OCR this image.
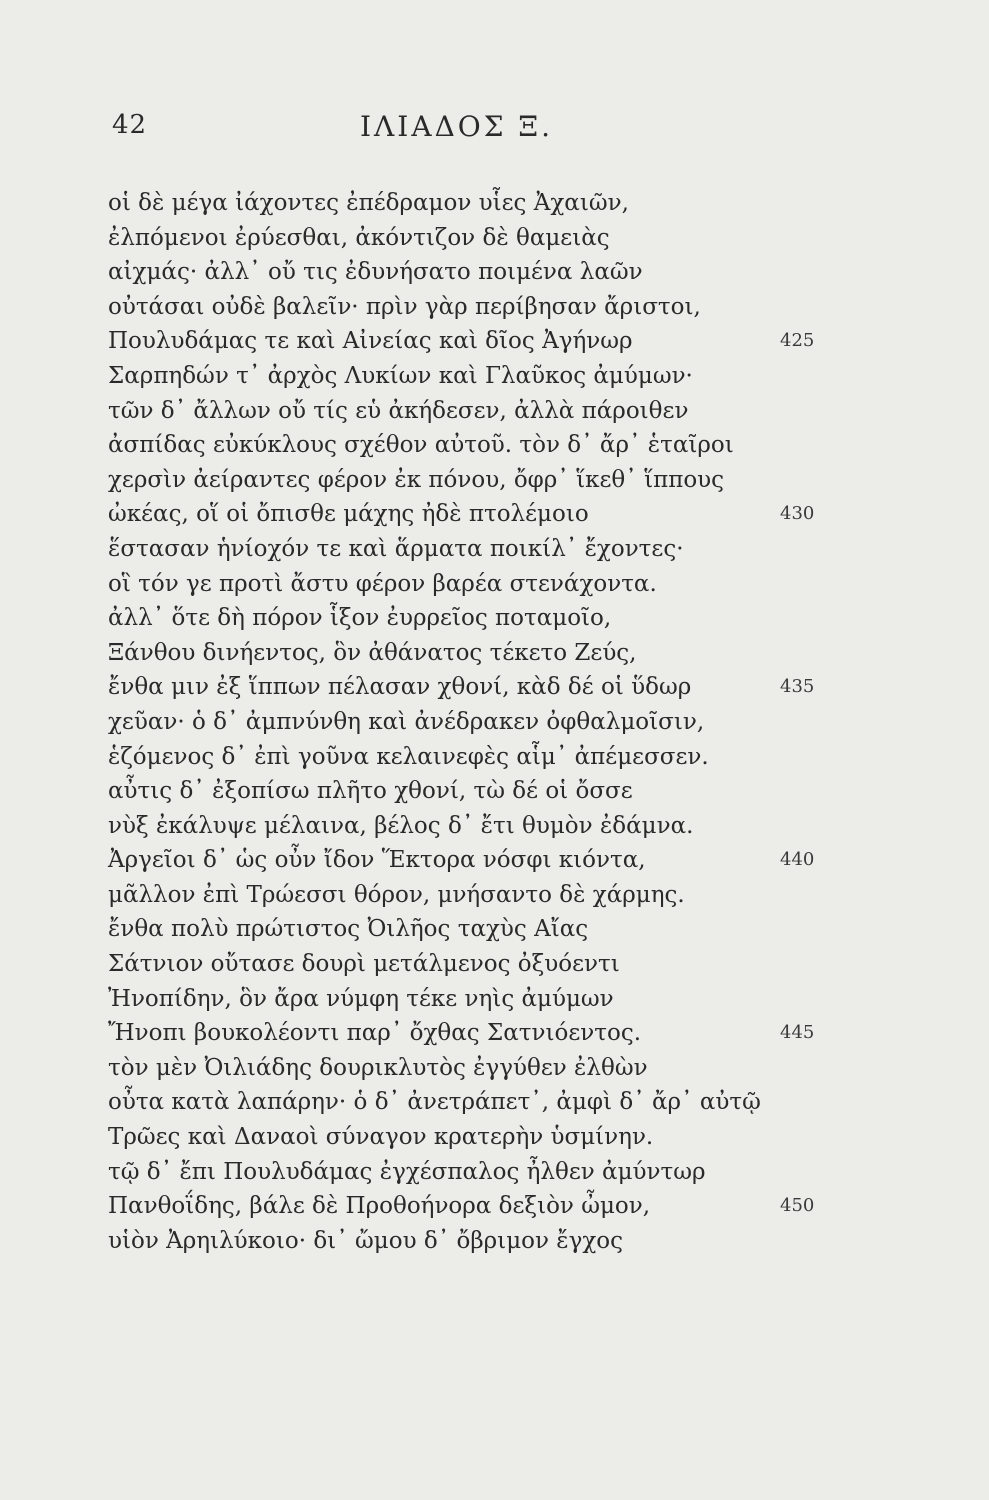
42	ΙΛΙΑΔΟΣ Ξ.
οἱ δὲ μέγα ἰάχοντες ἐπέδραμον υἷες Ἀχαιῶν,
ἐλπόμενοι ἐρύεσθαι, ἀκόντιζον δὲ θαμειὰς
αἰχμάς· ἀλλ᾽ οὔ τις ἐδυνήσατο ποιμένα λαῶν
οὐτάσαι οὐδὲ βαλεῖν· πρὶν γὰρ περίβησαν ἄριστοι,
Πουλυδάμας τε καὶ Αἰνείας καὶ δῖος Ἀγήνωρ	425
Σαρπηδών τ᾽ ἀρχὸς Λυκίων καὶ Γλαῦκος ἀμύμων·
τῶν δ᾽ ἄλλων οὔ τίς εὑ ἀκήδεσεν, ἀλλὰ πάροιθεν
ἀσπίδας εὐκύκλους σχέθον αὐτοῦ. τὸν δ᾽ ἄρ᾽ ἑταῖροι
χερσὶν ἀείραντες φέρον ἐκ πόνου, ὄφρ᾽ ἵκεθ᾽ ἵππους
ὠκέας, οἵ οἱ ὄπισθε μάχης ἠδὲ πτολέμοιο	430
ἕστασαν ἡνίοχόν τε καὶ ἅρματα ποικίλ᾽ ἔχοντες·
οἳ τόν γε προτὶ ἄστυ φέρον βαρέα στενάχοντα.
ἀλλ᾽ ὅτε δὴ πόρον ἷξον ἐυρρεῖος ποταμοῖο,
Ξάνθου δινήεντος, ὃν ἀθάνατος τέκετο Ζεύς,
ἔνθα μιν ἐξ ἵππων πέλασαν χθονί, κὰδ δέ οἱ ὕδωρ	435
χεῦαν· ὁ δ᾽ ἀμπνύνθη καὶ ἀνέδρακεν ὀφθαλμοῖσιν,
ἑζόμενος δ᾽ ἐπὶ γοῦνα κελαινεφὲς αἷμ᾽ ἀπέμεσσεν.
αὖτις δ᾽ ἐξοπίσω πλῆτο χθονί, τὼ δέ οἱ ὄσσε
νὺξ ἐκάλυψε μέλαινα, βέλος δ᾽ ἔτι θυμὸν ἐδάμνα.
Ἀργεῖοι δ᾽ ὡς οὖν ἴδον Ἕκτορα νόσφι κιόντα,	440
μᾶλλον ἐπὶ Τρώεσσι θόρον, μνήσαντο δὲ χάρμης.
ἔνθα πολὺ πρώτιστος Ὀιλῆος ταχὺς Αἴας
Σάτνιον οὔτασε δουρὶ μετάλμενος ὀξυόεντι
Ἠνοπίδην, ὃν ἄρα νύμφη τέκε νηὶς ἀμύμων
Ἤνοπι βουκολέοντι παρ᾽ ὄχθας Σατνιόεντος.	445
τὸν μὲν Ὀιλιάδης δουρικλυτὸς ἐγγύθεν ἐλθὼν
οὖτα κατὰ λαπάρην· ὁ δ᾽ ἀνετράπετ᾽, ἀμφὶ δ᾽ ἄρ᾽ αὐτῷ
Τρῶες καὶ Δαναοὶ σύναγον κρατερὴν ὑσμίνην.
τῷ δ᾽ ἔπι Πουλυδάμας ἐγχέσπαλος ἦλθεν ἀμύντωρ
Πανθοΐδης, βάλε δὲ Προθοήνορα δεξιὸν ὦμον,	450
υἱὸν Ἀρηιλύκοιο· δι᾽ ὤμου δ᾽ ὄβριμον ἔγχος
